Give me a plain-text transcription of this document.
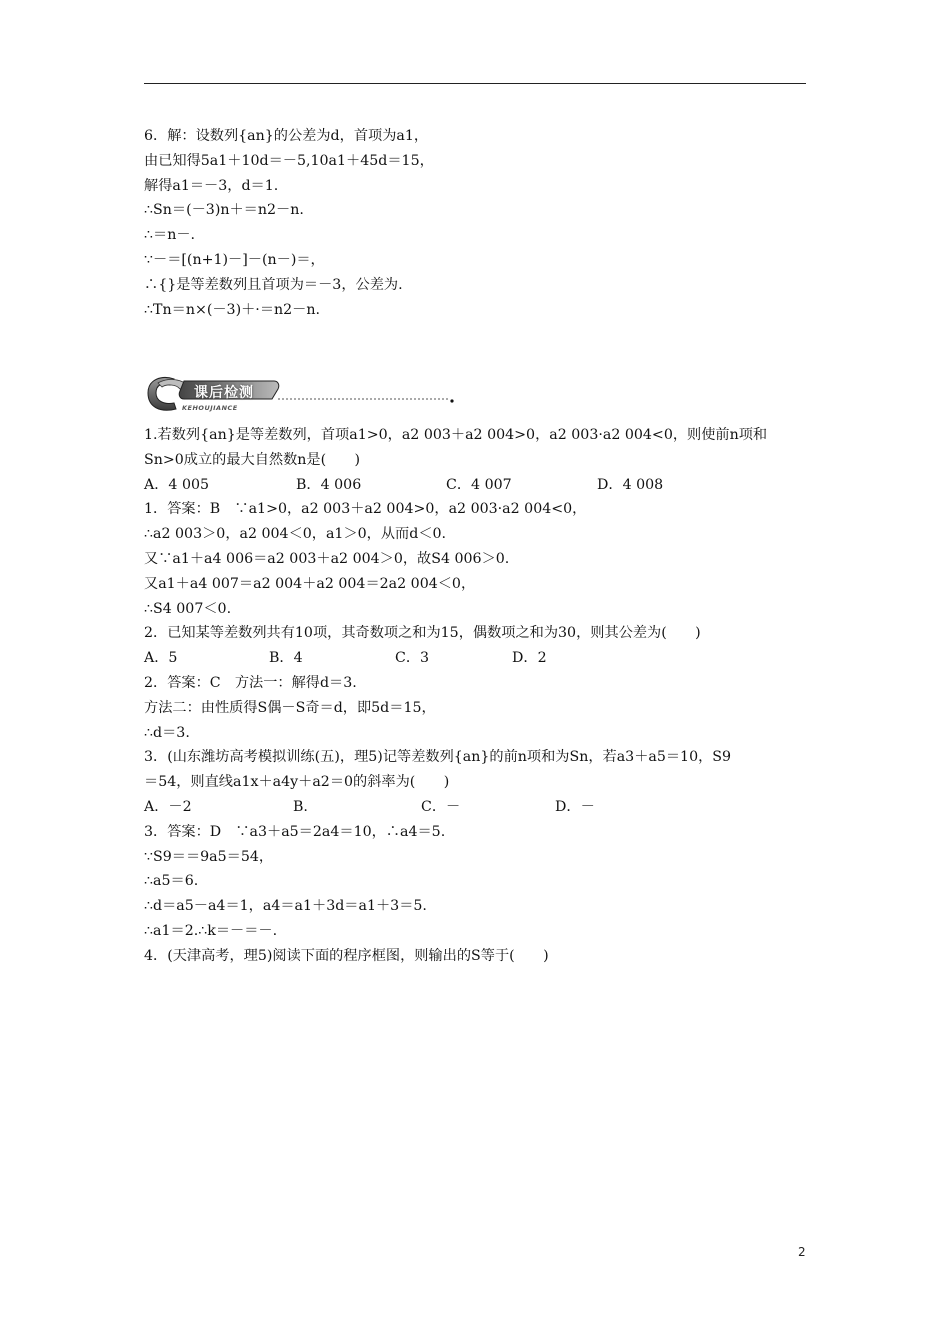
6．解：设数列{an}的公差为d，首项为a1，
由已知得5a1＋10d＝－5,10a1＋45d＝15，
解得a1＝－3，d＝1.
∴Sn＝(－3)n＋＝n2－n.
∴＝n－.
∵－＝[(n+1)－]－(n－)＝，
∴{}是等差数列且首项为＝－3，公差为.
∴Tn＝n×(－3)＋·＝n2－n.
课后检测
KEHOUJIANCE
1.若数列{an}是等差数列，首项a1>0，a2 003＋a2 004>0，a2 003·a2 004<0，则使前n项和
Sn>0成立的最大自然数n是(　　)
A．4 005	B．4 006	C．4 007	D．4 008
1．答案：B　∵a1>0，a2 003＋a2 004>0，a2 003·a2 004<0，
∴a2 003＞0，a2 004＜0，a1＞0，从而d＜0.
又∵a1＋a4 006＝a2 003＋a2 004＞0，故S4 006＞0.
又a1＋a4 007＝a2 004＋a2 004＝2a2 004＜0，
∴S4 007＜0.
2．已知某等差数列共有10项，其奇数项之和为15，偶数项之和为30，则其公差为(　　)
A．5	B．4	C．3	D．2
2．答案：C　方法一：解得d＝3.
方法二：由性质得S偶－S奇＝d，即5d＝15，
∴d＝3.
3．(山东潍坊高考模拟训练(五)，理5)记等差数列{an}的前n项和为Sn，若a3＋a5＝10，S9
＝54，则直线a1x＋a4y＋a2＝0的斜率为(　　)
A．－2	B.	C．－	D．－
3．答案：D　∵a3＋a5＝2a4＝10，∴a4＝5.
∵S9＝＝9a5＝54，
∴a5＝6.
∴d＝a5－a4＝1，a4＝a1＋3d＝a1＋3＝5.
∴a1＝2.∴k＝－＝－.
4．(天津高考，理5)阅读下面的程序框图，则输出的S等于(　　)
2
